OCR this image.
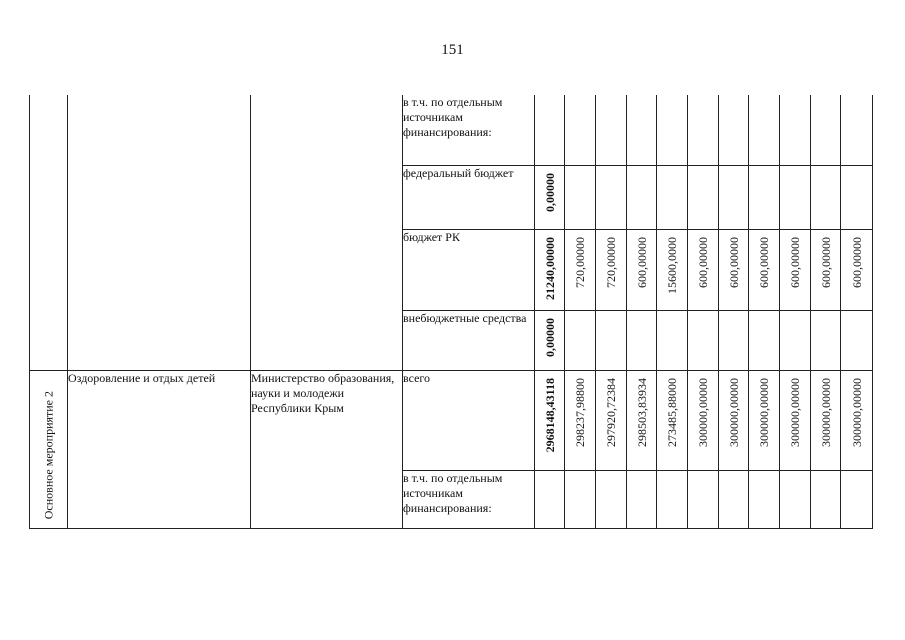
151
			в т.ч. по отдельным источникам финансирования:	

			федеральный бюджет	0,00000										

			бюджет РК	21240,00000	720,00000	720,00000	600,00000	15600,0000	600,00000	600,00000	600,00000	600,00000	600,00000	600,00000

			внебюджетные средства	0,00000										

Основное мероприятие 2	Оздоровление и отдых детей	Министерство образования, науки и молодежи Республики Крым	всего	2968148,43118	298237,98800	297920,72384	298503,83934	273485,88000	300000,00000	300000,00000	300000,00000	300000,00000	300000,00000	300000,00000

			в т.ч. по отдельным источникам финансирования:	
